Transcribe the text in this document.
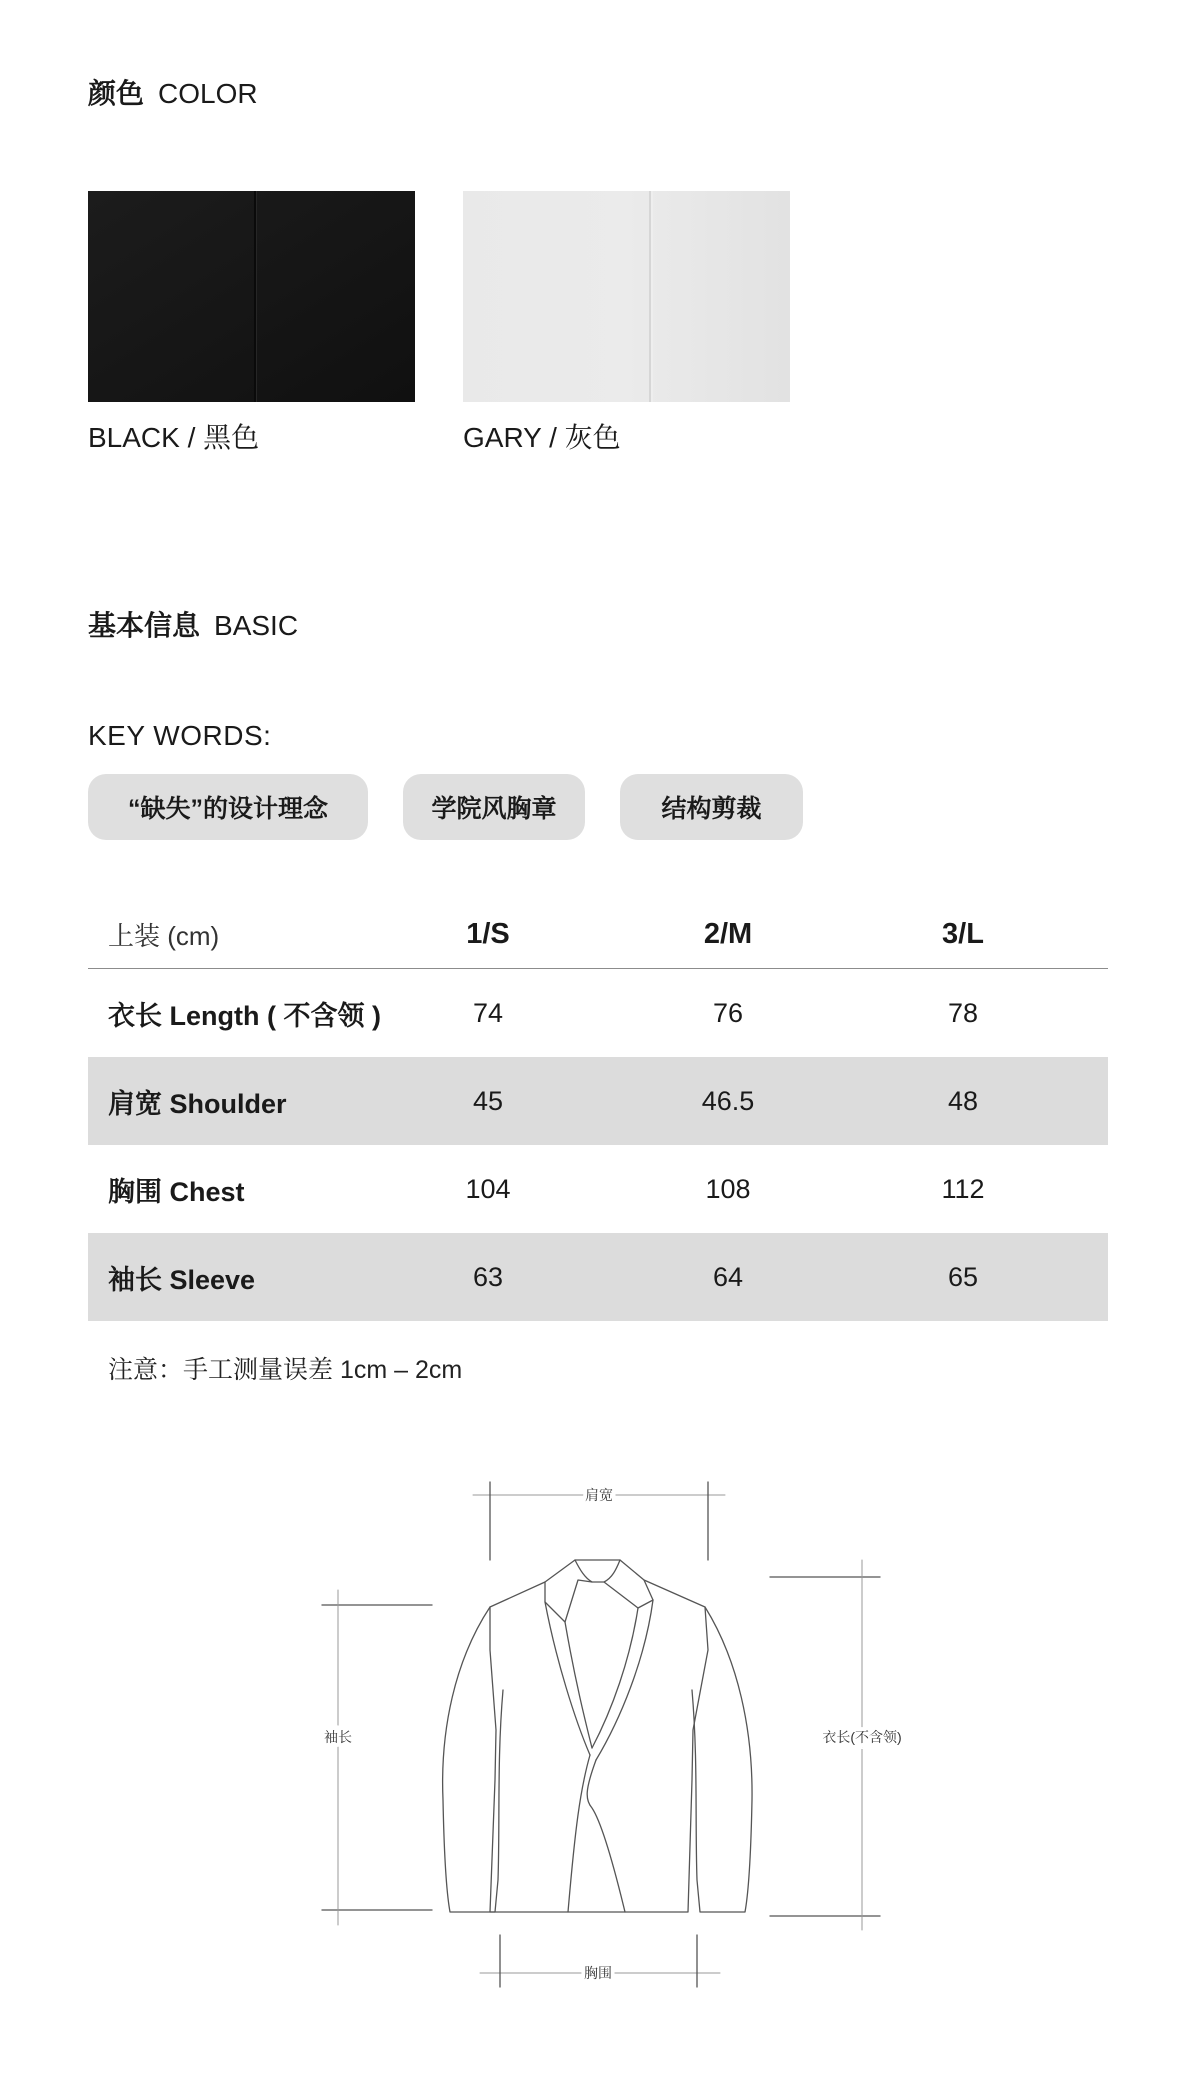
颜色 COLOR
BLACK / 黑色	GARY / 灰色
基本信息 BASIC
KEY WORDS:
“缺失”的设计理念	学院风胸章	结构剪裁
上装 (cm)	1/S	2/M	3/L
衣长 Length ( 不含领 )	74	76	78
肩宽 Shoulder	45	46.5	48
胸围 Chest	104	108	112
袖长 Sleeve	63	64	65
注意：手工测量误差 1cm – 2cm
肩宽
袖长	衣长(不含领)
胸围
